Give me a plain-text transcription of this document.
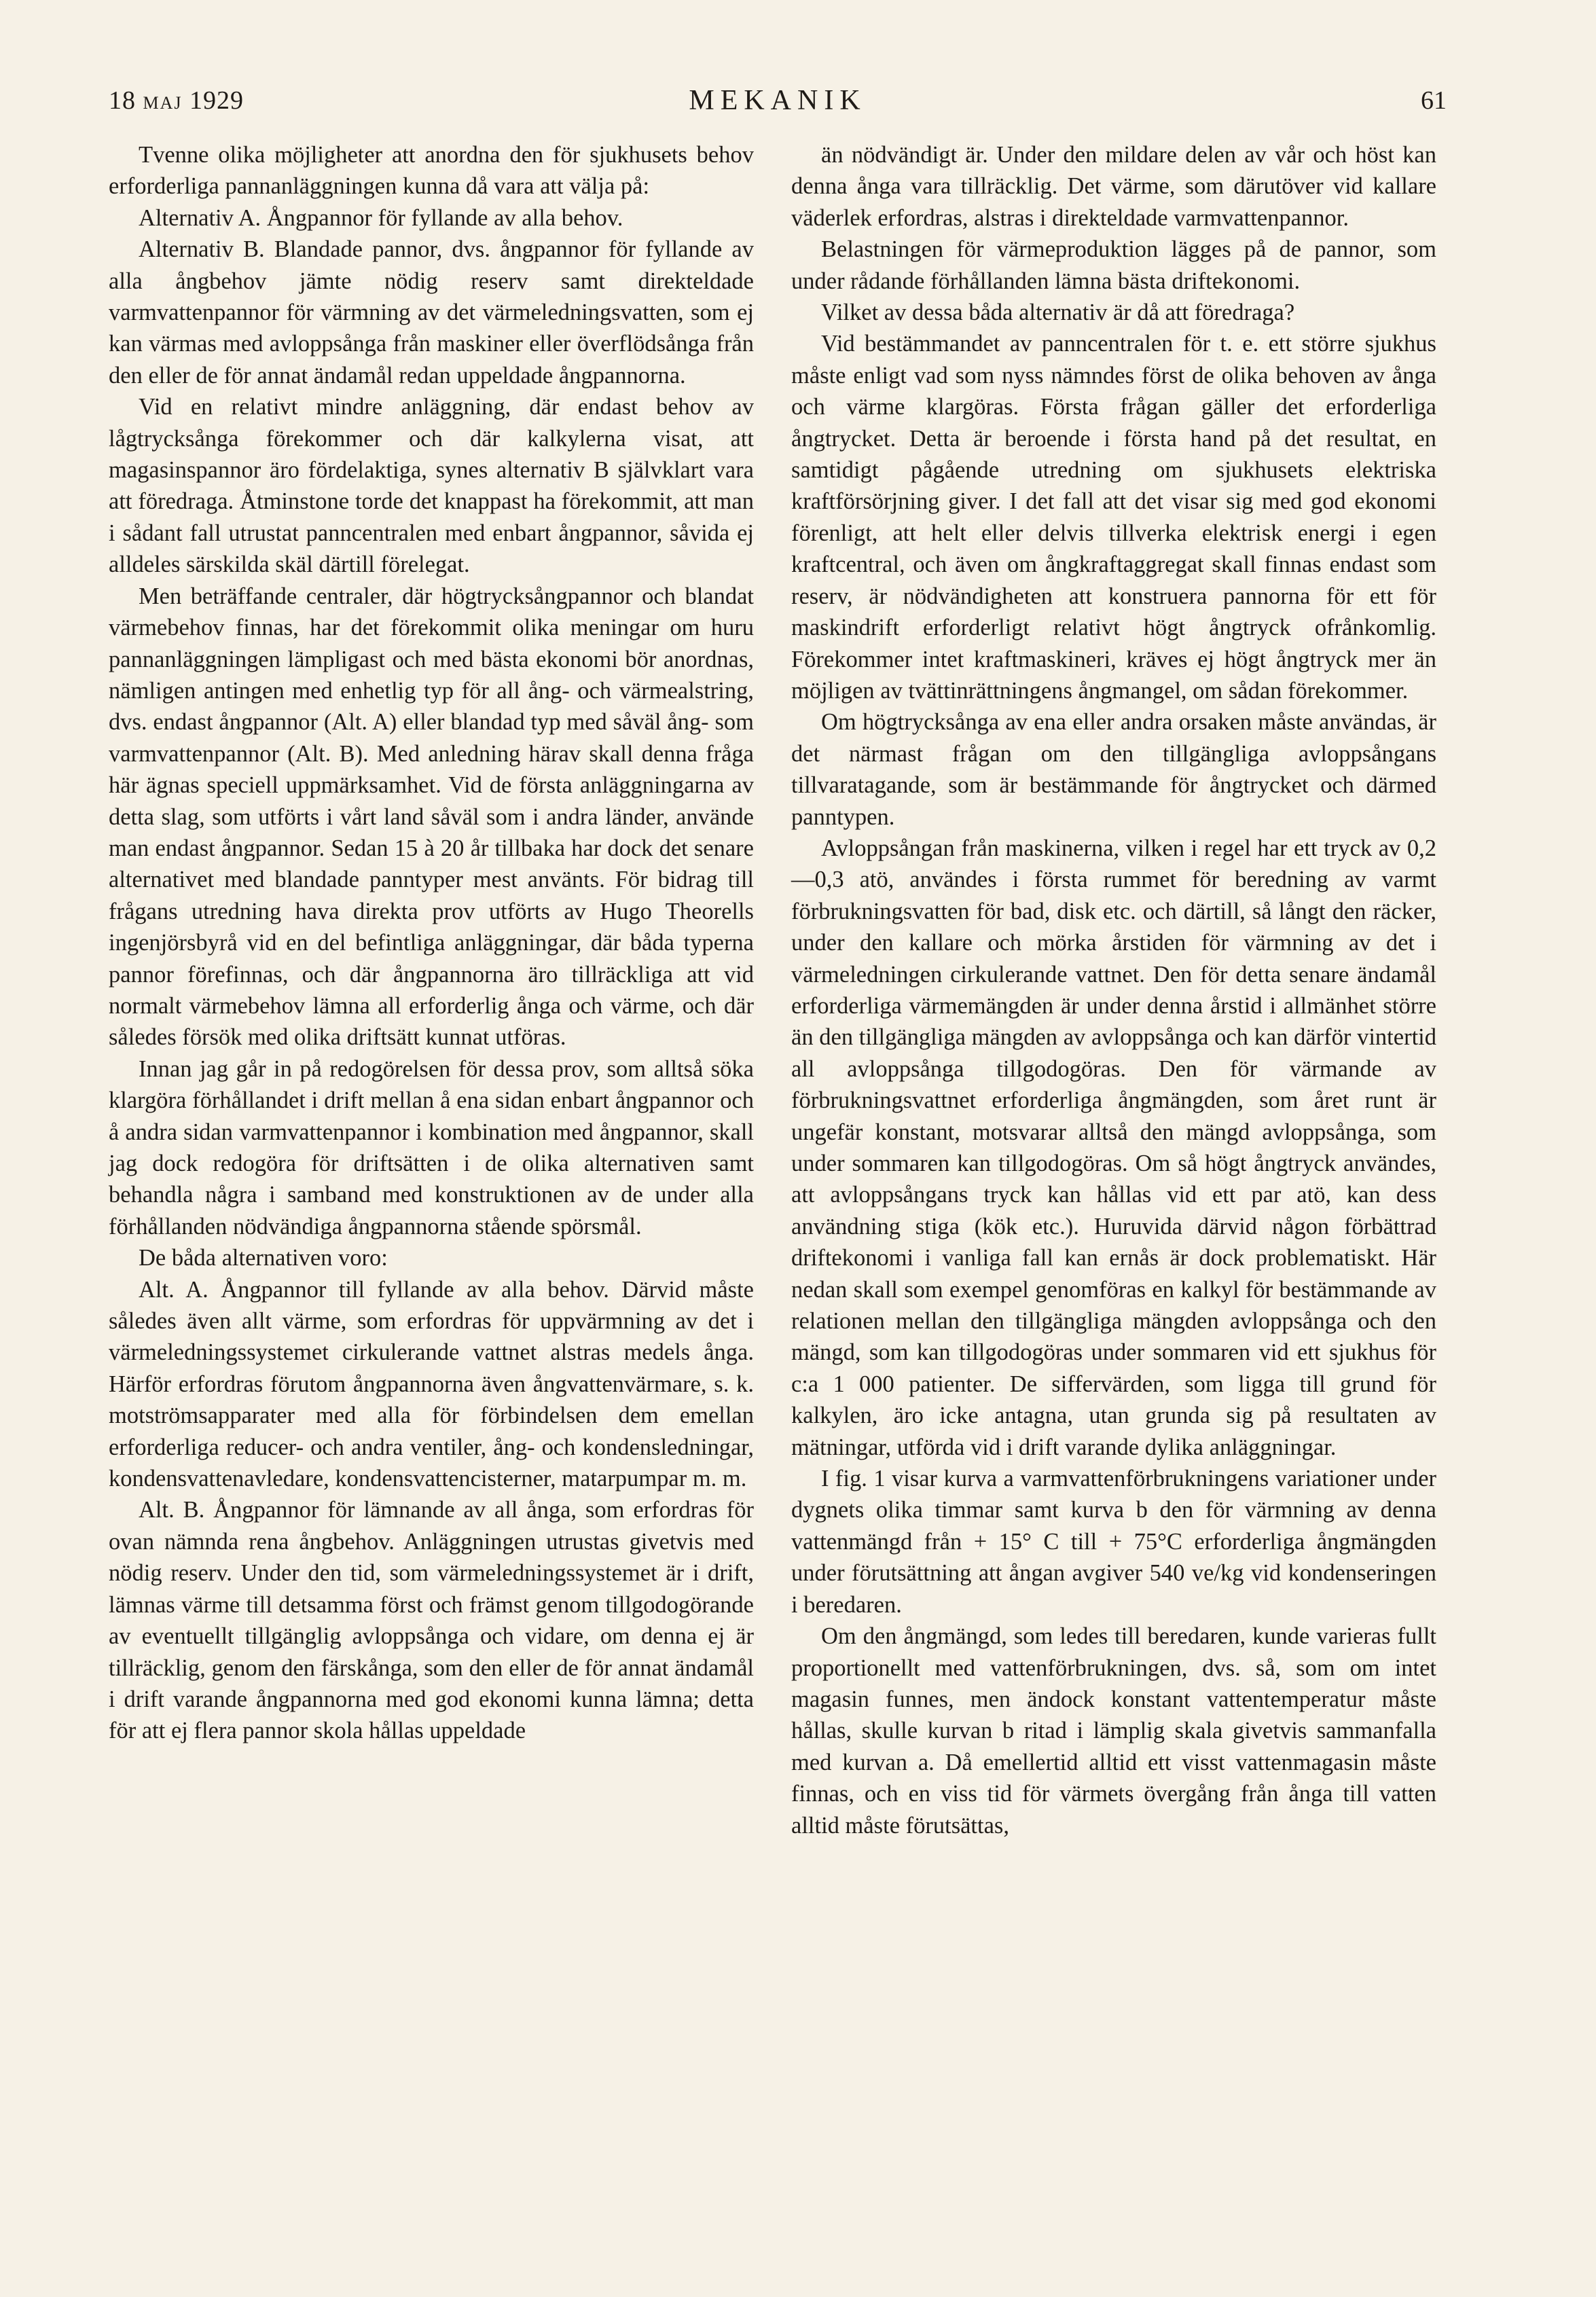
18 MAJ 1929	MEKANIK	61

Tvenne olika möjligheter att anordna den för sjukhusets behov erforderliga pannanläggningen kunna då vara att välja på:

Alternativ A. Ångpannor för fyllande av alla behov.

Alternativ B. Blandade pannor, dvs. ångpannor för fyllande av alla ångbehov jämte nödig reserv samt direkteldade varmvattenpannor för värmning av det värmeledningsvatten, som ej kan värmas med avloppsånga från maskiner eller överflödsånga från den eller de för annat ändamål redan uppeldade ångpannorna.

Vid en relativt mindre anläggning, där endast behov av lågtrycksånga förekommer och där kalkylerna visat, att magasinspannor äro fördelaktiga, synes alternativ B självklart vara att föredraga. Åtminstone torde det knappast ha förekommit, att man i sådant fall utrustat panncentralen med enbart ångpannor, såvida ej alldeles särskilda skäl därtill förelegat.

Men beträffande centraler, där högtrycksångpannor och blandat värmebehov finnas, har det förekommit olika meningar om huru pannanläggningen lämpligast och med bästa ekonomi bör anordnas, nämligen antingen med enhetlig typ för all ång- och värmealstring, dvs. endast ångpannor (Alt. A) eller blandad typ med såväl ång- som varmvattenpannor (Alt. B). Med anledning härav skall denna fråga här ägnas speciell uppmärksamhet. Vid de första anläggningarna av detta slag, som utförts i vårt land såväl som i andra länder, använde man endast ångpannor. Sedan 15 à 20 år tillbaka har dock det senare alternativet med blandade panntyper mest använts. För bidrag till frågans utredning hava direkta prov utförts av Hugo Theorells ingenjörsbyrå vid en del befintliga anläggningar, där båda typerna pannor förefinnas, och där ångpannorna äro tillräckliga att vid normalt värmebehov lämna all erforderlig ånga och värme, och där således försök med olika driftsätt kunnat utföras.

Innan jag går in på redogörelsen för dessa prov, som alltså söka klargöra förhållandet i drift mellan å ena sidan enbart ångpannor och å andra sidan varmvattenpannor i kombination med ångpannor, skall jag dock redogöra för driftsätten i de olika alternativen samt behandla några i samband med konstruktionen av de under alla förhållanden nödvändiga ångpannorna stående spörsmål.

De båda alternativen voro:

Alt. A. Ångpannor till fyllande av alla behov. Därvid måste således även allt värme, som erfordras för uppvärmning av det i värmeledningssystemet cirkulerande vattnet alstras medels ånga. Härför erfordras förutom ångpannorna även ångvattenvärmare, s. k. motströmsapparater med alla för förbindelsen dem emellan erforderliga reducer- och andra ventiler, ång- och kondensledningar, kondensvattenavledare, kondensvattencisterner, matarpumpar m. m.

Alt. B. Ångpannor för lämnande av all ånga, som erfordras för ovan nämnda rena ångbehov. Anläggningen utrustas givetvis med nödig reserv. Under den tid, som värmeledningssystemet är i drift, lämnas värme till detsamma först och främst genom tillgodogörande av eventuellt tillgänglig avloppsånga och vidare, om denna ej är tillräcklig, genom den färskånga, som den eller de för annat ändamål i drift varande ångpannorna med god ekonomi kunna lämna; detta för att ej flera pannor skola hållas uppeldade

än nödvändigt är. Under den mildare delen av vår och höst kan denna ånga vara tillräcklig. Det värme, som därutöver vid kallare väderlek erfordras, alstras i direkteldade varmvattenpannor.

Belastningen för värmeproduktion lägges på de pannor, som under rådande förhållanden lämna bästa driftekonomi.

Vilket av dessa båda alternativ är då att föredraga?

Vid bestämmandet av panncentralen för t. e. ett större sjukhus måste enligt vad som nyss nämndes först de olika behoven av ånga och värme klargöras. Första frågan gäller det erforderliga ångtrycket. Detta är beroende i första hand på det resultat, en samtidigt pågående utredning om sjukhusets elektriska kraftförsörjning giver. I det fall att det visar sig med god ekonomi förenligt, att helt eller delvis tillverka elektrisk energi i egen kraftcentral, och även om ångkraftaggregat skall finnas endast som reserv, är nödvändigheten att konstruera pannorna för ett för maskindrift erforderligt relativt högt ångtryck ofrånkomlig. Förekommer intet kraftmaskineri, kräves ej högt ångtryck mer än möjligen av tvättinrättningens ångmangel, om sådan förekommer.

Om högtrycksånga av ena eller andra orsaken måste användas, är det närmast frågan om den tillgängliga avloppsångans tillvaratagande, som är bestämmande för ångtrycket och därmed panntypen.

Avloppsångan från maskinerna, vilken i regel har ett tryck av 0,2—0,3 atö, användes i första rummet för beredning av varmt förbrukningsvatten för bad, disk etc. och därtill, så långt den räcker, under den kallare och mörka årstiden för värmning av det i värmeledningen cirkulerande vattnet. Den för detta senare ändamål erforderliga värmemängden är under denna årstid i allmänhet större än den tillgängliga mängden av avloppsånga och kan därför vintertid all avloppsånga tillgodogöras. Den för värmande av förbrukningsvattnet erforderliga ångmängden, som året runt är ungefär konstant, motsvarar alltså den mängd avloppsånga, som under sommaren kan tillgodogöras. Om så högt ångtryck användes, att avloppsångans tryck kan hållas vid ett par atö, kan dess användning stiga (kök etc.). Huruvida därvid någon förbättrad driftekonomi i vanliga fall kan ernås är dock problematiskt. Här nedan skall som exempel genomföras en kalkyl för bestämmande av relationen mellan den tillgängliga mängden avloppsånga och den mängd, som kan tillgodogöras under sommaren vid ett sjukhus för c:a 1 000 patienter. De siffervärden, som ligga till grund för kalkylen, äro icke antagna, utan grunda sig på resultaten av mätningar, utförda vid i drift varande dylika anläggningar.

I fig. 1 visar kurva a varmvattenförbrukningens variationer under dygnets olika timmar samt kurva b den för värmning av denna vattenmängd från + 15° C till + 75°C erforderliga ångmängden under förutsättning att ångan avgiver 540 ve/kg vid kondenseringen i beredaren.

Om den ångmängd, som ledes till beredaren, kunde varieras fullt proportionellt med vattenförbrukningen, dvs. så, som om intet magasin funnes, men ändock konstant vattentemperatur måste hållas, skulle kurvan b ritad i lämplig skala givetvis sammanfalla med kurvan a. Då emellertid alltid ett visst vattenmagasin måste finnas, och en viss tid för värmets övergång från ånga till vatten alltid måste förutsättas,
